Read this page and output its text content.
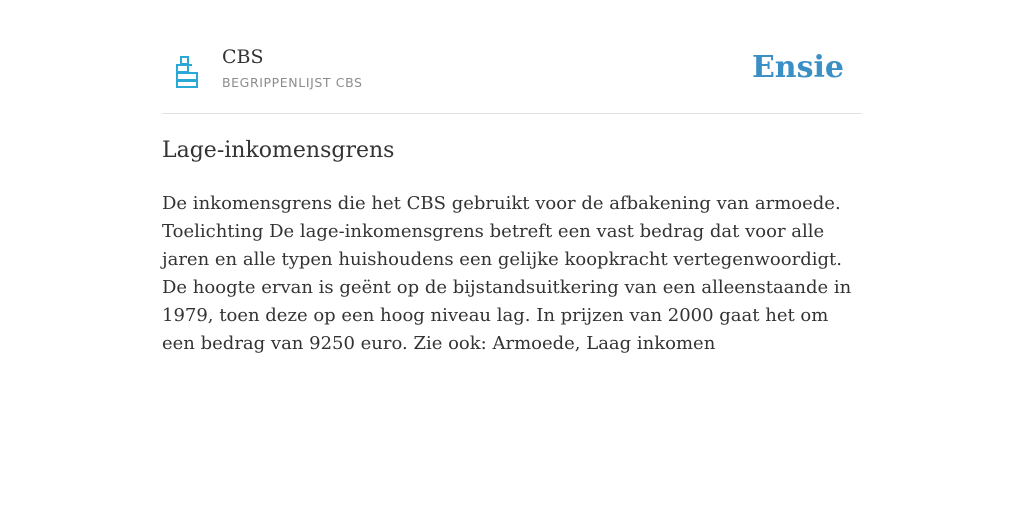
CBS
BEGRIPPENLIJST CBS	Ensie
Lage-inkomensgrens

De inkomensgrens die het CBS gebruikt voor de afbakening van armoede. Toelichting De lage-inkomensgrens betreft een vast bedrag dat voor alle jaren en alle typen huishoudens een gelijke koopkracht vertegenwoordigt. De hoogte ervan is geënt op de bijstandsuitkering van een alleenstaande in 1979, toen deze op een hoog niveau lag. In prijzen van 2000 gaat het om een bedrag van 9250 euro. Zie ook: Armoede, Laag inkomen
